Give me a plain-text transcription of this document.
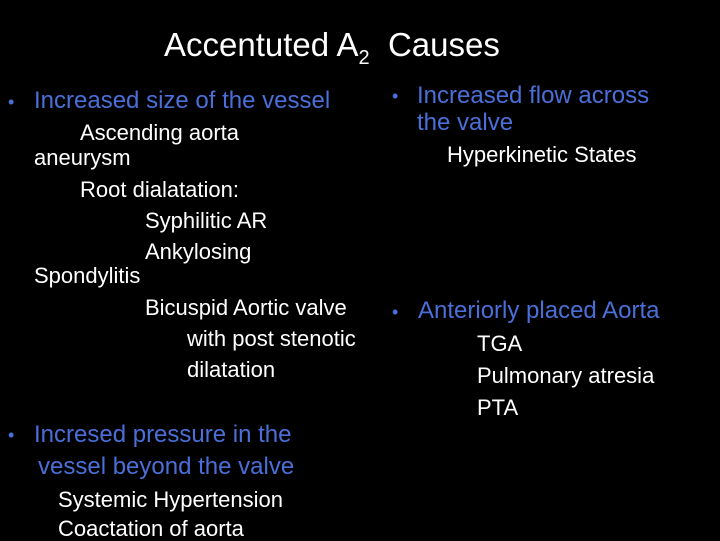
Accentuted $A_2$ Causes
• Increased size of the vessel
Ascending aorta
aneurysm
Root dialatation:
Syphilitic AR
Ankylosing
Spondylitis
Bicuspid Aortic valve
with post stenotic
dilatation
• Incresed pressure in the
vessel beyond the valve
Systemic Hypertension
Coactation of aorta
• Increased flow across
the valve
Hyperkinetic States
• Anteriorly placed Aorta
TGA
Pulmonary atresia
PTA
